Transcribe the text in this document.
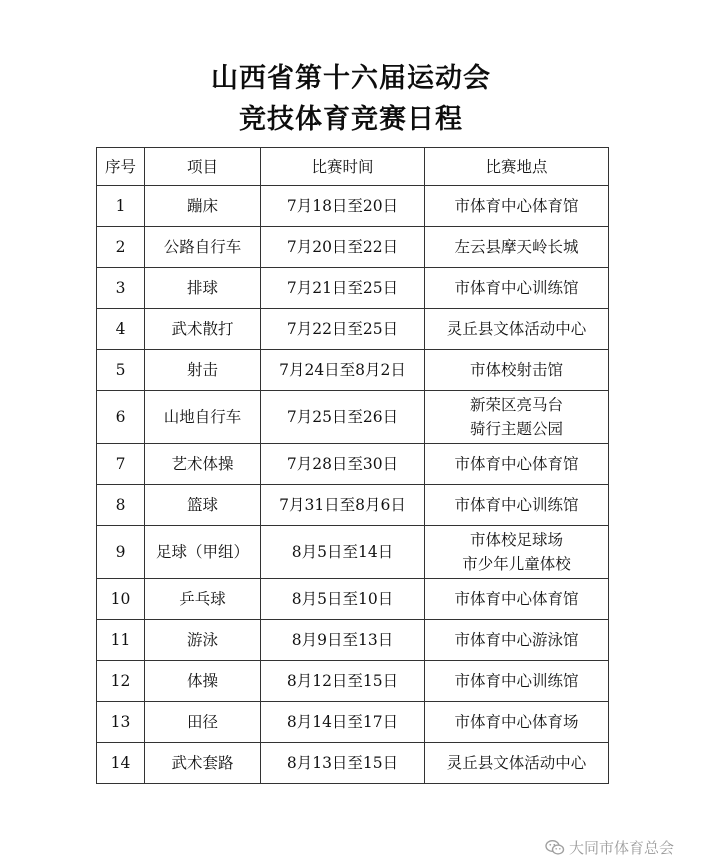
山西省第十六届运动会
竞技体育竞赛日程
序号	项目	比赛时间	比赛地点
1	蹦床	7月18日至20日	市体育中心体育馆

2	公路自行车	7月20日至22日	左云县摩天岭长城

3	排球	7月21日至25日	市体育中心训练馆

4	武术散打	7月22日至25日	灵丘县文体活动中心

5	射击	7月24日至8月2日	市体校射击馆

6	山地自行车	7月25日至26日	新荣区亮马台
骑行主题公园

7	艺术体操	7月28日至30日	市体育中心体育馆

8	篮球	7月31日至8月6日	市体育中心训练馆

9	足球（甲组）	8月5日至14日	市体校足球场
市少年儿童体校

10	乒乓球	8月5日至10日	市体育中心体育馆

11	游泳	8月9日至13日	市体育中心游泳馆

12	体操	8月12日至15日	市体育中心训练馆

13	田径	8月14日至17日	市体育中心体育场

14	武术套路	8月13日至15日	灵丘县文体活动中心
大同市体育总会
